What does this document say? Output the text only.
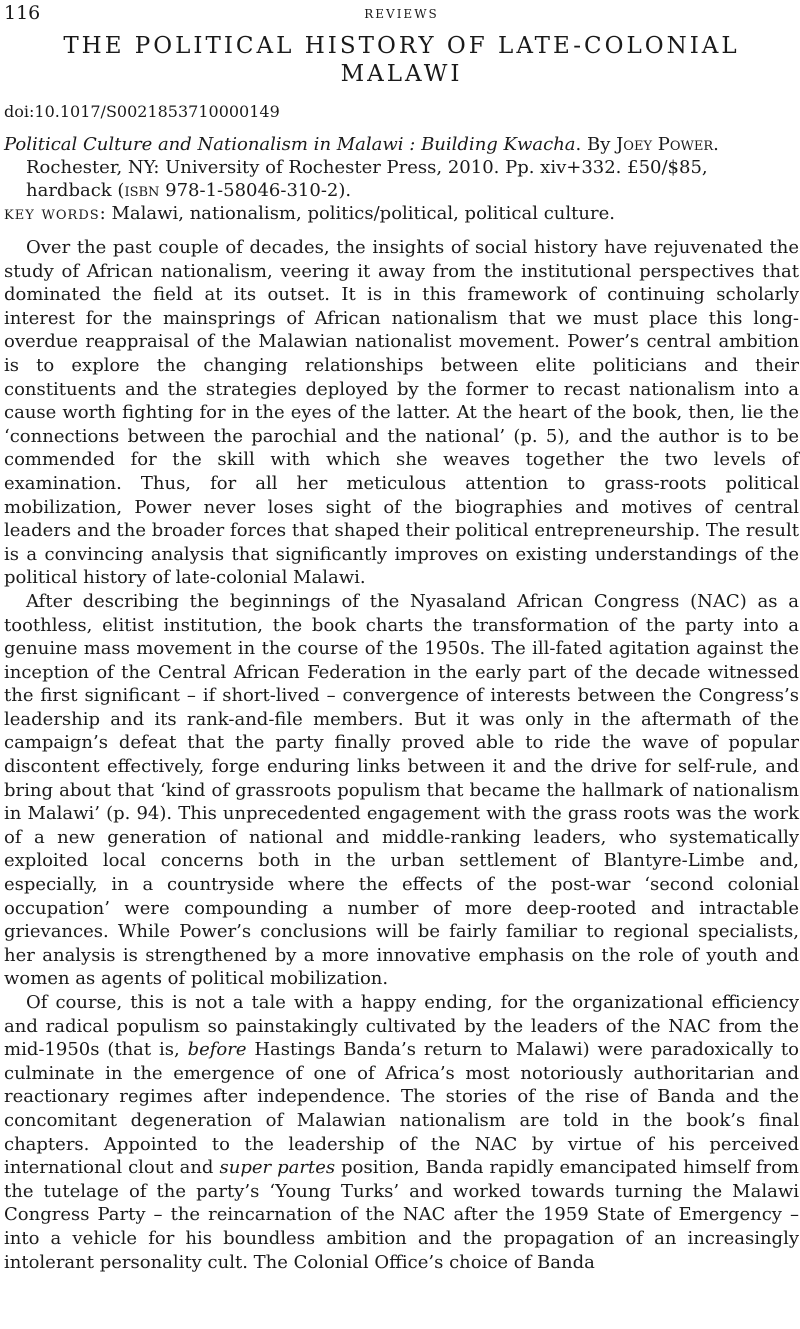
116	reviews
THE POLITICAL HISTORY OF LATE-COLONIAL MALAWI
doi:10.1017/S0021853710000149
Political Culture and Nationalism in Malawi : Building Kwacha. By Joey Power. Rochester, NY: University of Rochester Press, 2010. Pp. xiv+332. £50/$85, hardback (isbn 978-1-58046-310-2).
key words: Malawi, nationalism, politics/political, political culture.

Over the past couple of decades, the insights of social history have rejuvenated the study of African nationalism, veering it away from the institutional perspectives that dominated the field at its outset. It is in this framework of continuing scholarly interest for the mainsprings of African nationalism that we must place this long-overdue reappraisal of the Malawian nationalist movement. Power’s central ambition is to explore the changing relationships between elite politicians and their constituents and the strategies deployed by the former to recast nationalism into a cause worth fighting for in the eyes of the latter. At the heart of the book, then, lie the ‘connections between the parochial and the national’ (p. 5), and the author is to be commended for the skill with which she weaves together the two levels of examination. Thus, for all her meticulous attention to grass-roots political mobilization, Power never loses sight of the biographies and motives of central leaders and the broader forces that shaped their political entrepreneurship. The result is a convincing analysis that significantly improves on existing understandings of the political history of late-colonial Malawi.

After describing the beginnings of the Nyasaland African Congress (NAC) as a toothless, elitist institution, the book charts the transformation of the party into a genuine mass movement in the course of the 1950s. The ill-fated agitation against the inception of the Central African Federation in the early part of the decade witnessed the first significant – if short-lived – convergence of interests between the Congress’s leadership and its rank-and-file members. But it was only in the aftermath of the campaign’s defeat that the party finally proved able to ride the wave of popular discontent effectively, forge enduring links between it and the drive for self-rule, and bring about that ‘kind of grassroots populism that became the hallmark of nationalism in Malawi’ (p. 94). This unprecedented engagement with the grass roots was the work of a new generation of national and middle-ranking leaders, who systematically exploited local concerns both in the urban settlement of Blantyre-Limbe and, especially, in a countryside where the effects of the post-war ‘second colonial occupation’ were compounding a number of more deep-rooted and intractable grievances. While Power’s conclusions will be fairly familiar to regional specialists, her analysis is strengthened by a more innovative emphasis on the role of youth and women as agents of political mobilization.

Of course, this is not a tale with a happy ending, for the organizational efficiency and radical populism so painstakingly cultivated by the leaders of the NAC from the mid-1950s (that is, before Hastings Banda’s return to Malawi) were paradoxically to culminate in the emergence of one of Africa’s most notoriously authoritarian and reactionary regimes after independence. The stories of the rise of Banda and the concomitant degeneration of Malawian nationalism are told in the book’s final chapters. Appointed to the leadership of the NAC by virtue of his perceived international clout and super partes position, Banda rapidly emancipated himself from the tutelage of the party’s ‘Young Turks’ and worked towards turning the Malawi Congress Party – the reincarnation of the NAC after the 1959 State of Emergency – into a vehicle for his boundless ambition and the propagation of an increasingly intolerant personality cult. The Colonial Office’s choice of Banda
